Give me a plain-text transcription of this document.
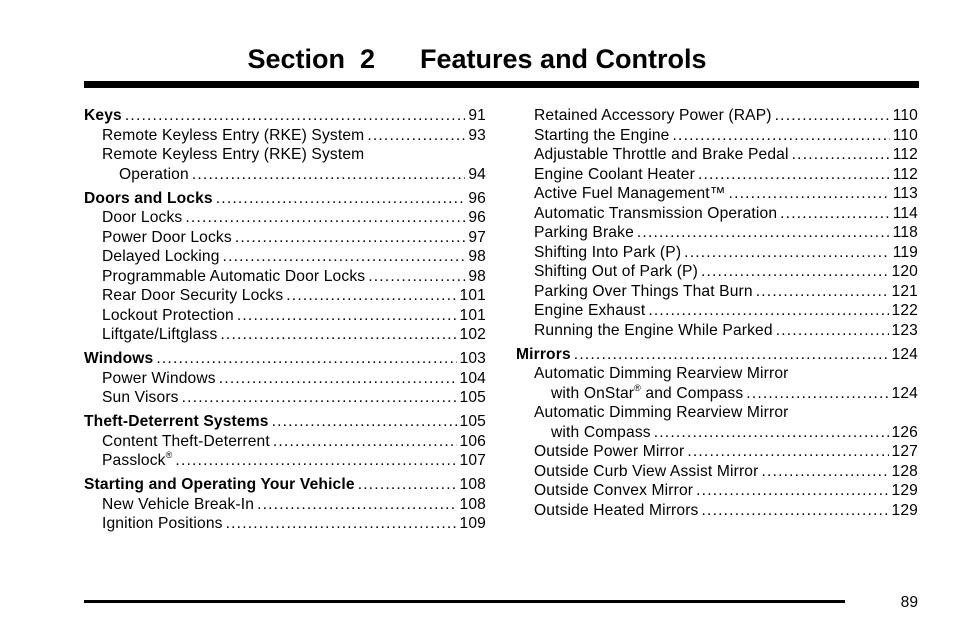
Section  2      Features and Controls
Keys .....	91
Remote Keyless Entry (RKE) System .....	93
Remote Keyless Entry (RKE) System
Operation .....	94
Doors and Locks .....	96
Door Locks .....	96
Power Door Locks .....	97
Delayed Locking .....	98
Programmable Automatic Door Locks .....	98
Rear Door Security Locks .....	101
Lockout Protection .....	101
Liftgate/Liftglass .....	102
Windows .....	103
Power Windows .....	104
Sun Visors .....	105
Theft-Deterrent Systems .....	105
Content Theft-Deterrent .....	106
Passlock® .....	107
Starting and Operating Your Vehicle .....	108
New Vehicle Break-In .....	108
Ignition Positions .....	109
Retained Accessory Power (RAP) .....	110
Starting the Engine .....	110
Adjustable Throttle and Brake Pedal .....	112
Engine Coolant Heater .....	112
Active Fuel Management™ .....	113
Automatic Transmission Operation .....	114
Parking Brake .....	118
Shifting Into Park (P) .....	119
Shifting Out of Park (P) .....	120
Parking Over Things That Burn .....	121
Engine Exhaust .....	122
Running the Engine While Parked .....	123
Mirrors .....	124
Automatic Dimming Rearview Mirror
with OnStar® and Compass .....	124
Automatic Dimming Rearview Mirror
with Compass .....	126
Outside Power Mirror .....	127
Outside Curb View Assist Mirror .....	128
Outside Convex Mirror .....	129
Outside Heated Mirrors .....	129
89
